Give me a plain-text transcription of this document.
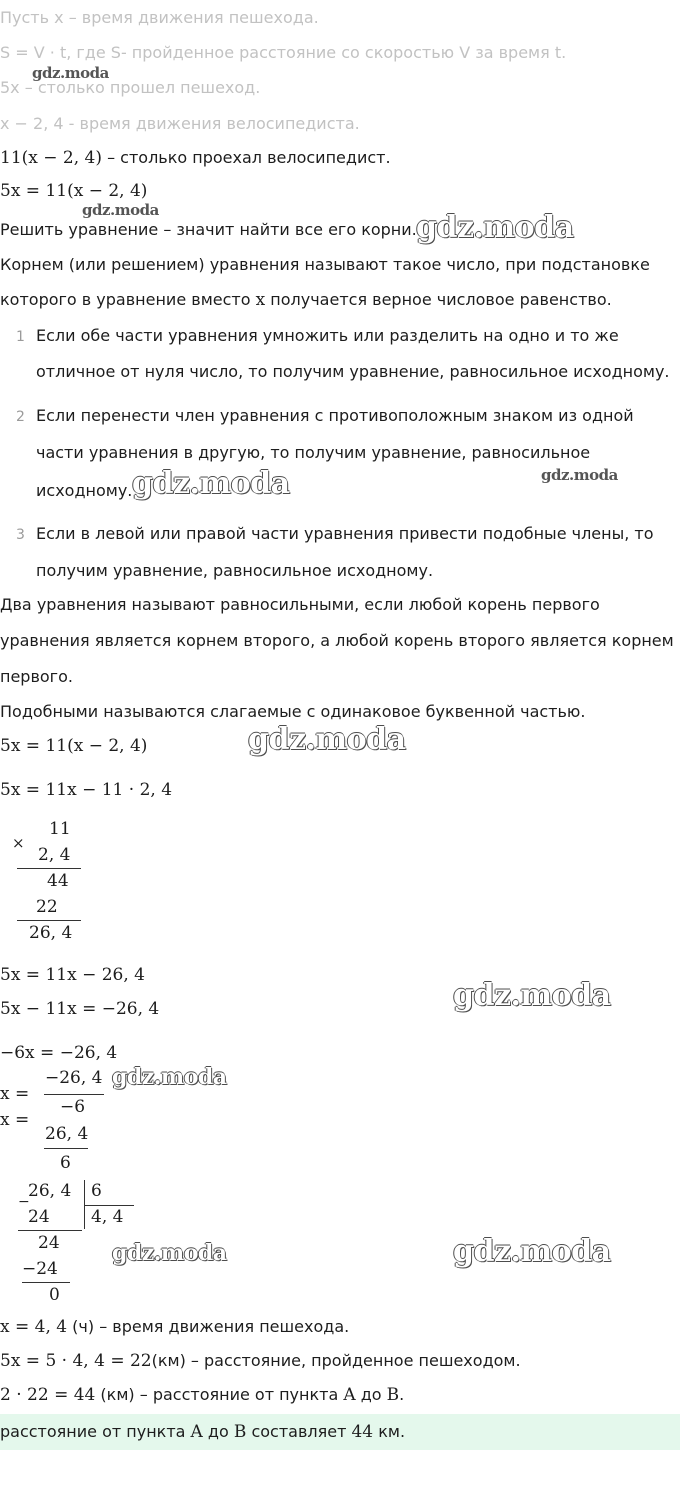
Пусть x – время движения пешехода.
S = V · t, где S- пройденное расстояние со скоростью V за время t.
5x – столько прошел пешеход.
x − 2, 4 - время движения велосипедиста.
11(x − 2, 4) – столько проехал велосипедист.
5x = 11(x − 2, 4)
Решить уравнение – значит найти все его корни.
Корнем (или решением) уравнения называют такое число, при подстановке
которого в уравнение вместо x получается верное числовое равенство.
1 Если обе части уравнения умножить или разделить на одно и то же
отличное от нуля число, то получим уравнение, равносильное исходному.
2 Если перенести член уравнения с противоположным знаком из одной
части уравнения в другую, то получим уравнение, равносильное
исходному.
3 Если в левой или правой части уравнения привести подобные члены, то
получим уравнение, равносильное исходному.
Два уравнения называют равносильными, если любой корень первого
уравнения является корнем второго, а любой корень второго является корнем
первого.
Подобными называются слагаемые с одинаковое буквенной частью.
5x = 11(x − 2, 4)
5x = 11x − 11 · 2, 4
×
11
2, 4
44
22
26, 4
5x = 11x − 26, 4
5x − 11x = −26, 4
−6x = −26, 4
x =
−26, 4
−6
x =
26, 4
6
26, 4
−
6
24 4, 4
24
−24
0
x = 4, 4 (ч) – время движения пешехода.
5x = 5 · 4, 4 = 22(км) – расстояние, пройденное пешеходом.
2 · 22 = 44 (км) – расстояние от пункта A до B.
расстояние от пункта A до B составляет 44 км.
gdz.moda
gdz.moda	gdz.moda
gdz.moda	gdz.moda
gdz.moda
gdz.moda
gdz.moda
gdz.moda	gdz.moda
